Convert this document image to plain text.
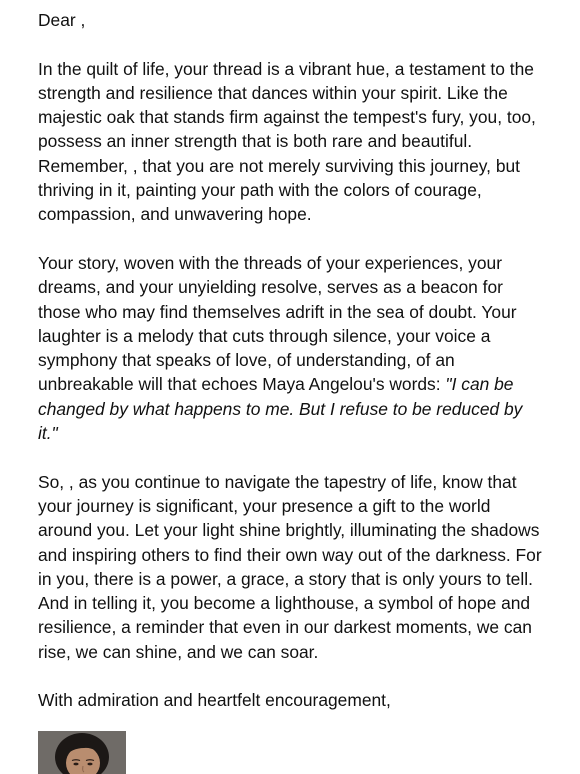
Dear ,

In the quilt of life, your thread is a vibrant hue, a testament to the strength and resilience that dances within your spirit. Like the majestic oak that stands firm against the tempest's fury, you, too, possess an inner strength that is both rare and beautiful. Remember, , that you are not merely surviving this journey, but thriving in it, painting your path with the colors of courage, compassion, and unwavering hope.

Your story, woven with the threads of your experiences, your dreams, and your unyielding resolve, serves as a beacon for those who may find themselves adrift in the sea of doubt. Your laughter is a melody that cuts through silence, your voice a symphony that speaks of love, of understanding, of an unbreakable will that echoes Maya Angelou's words: "I can be changed by what happens to me. But I refuse to be reduced by it."

So, , as you continue to navigate the tapestry of life, know that your journey is significant, your presence a gift to the world around you. Let your light shine brightly, illuminating the shadows and inspiring others to find their own way out of the darkness. For in you, there is a power, a grace, a story that is only yours to tell. And in telling it, you become a lighthouse, a symbol of hope and resilience, a reminder that even in our darkest moments, we can rise, we can shine, and we can soar.

With admiration and heartfelt encouragement,
